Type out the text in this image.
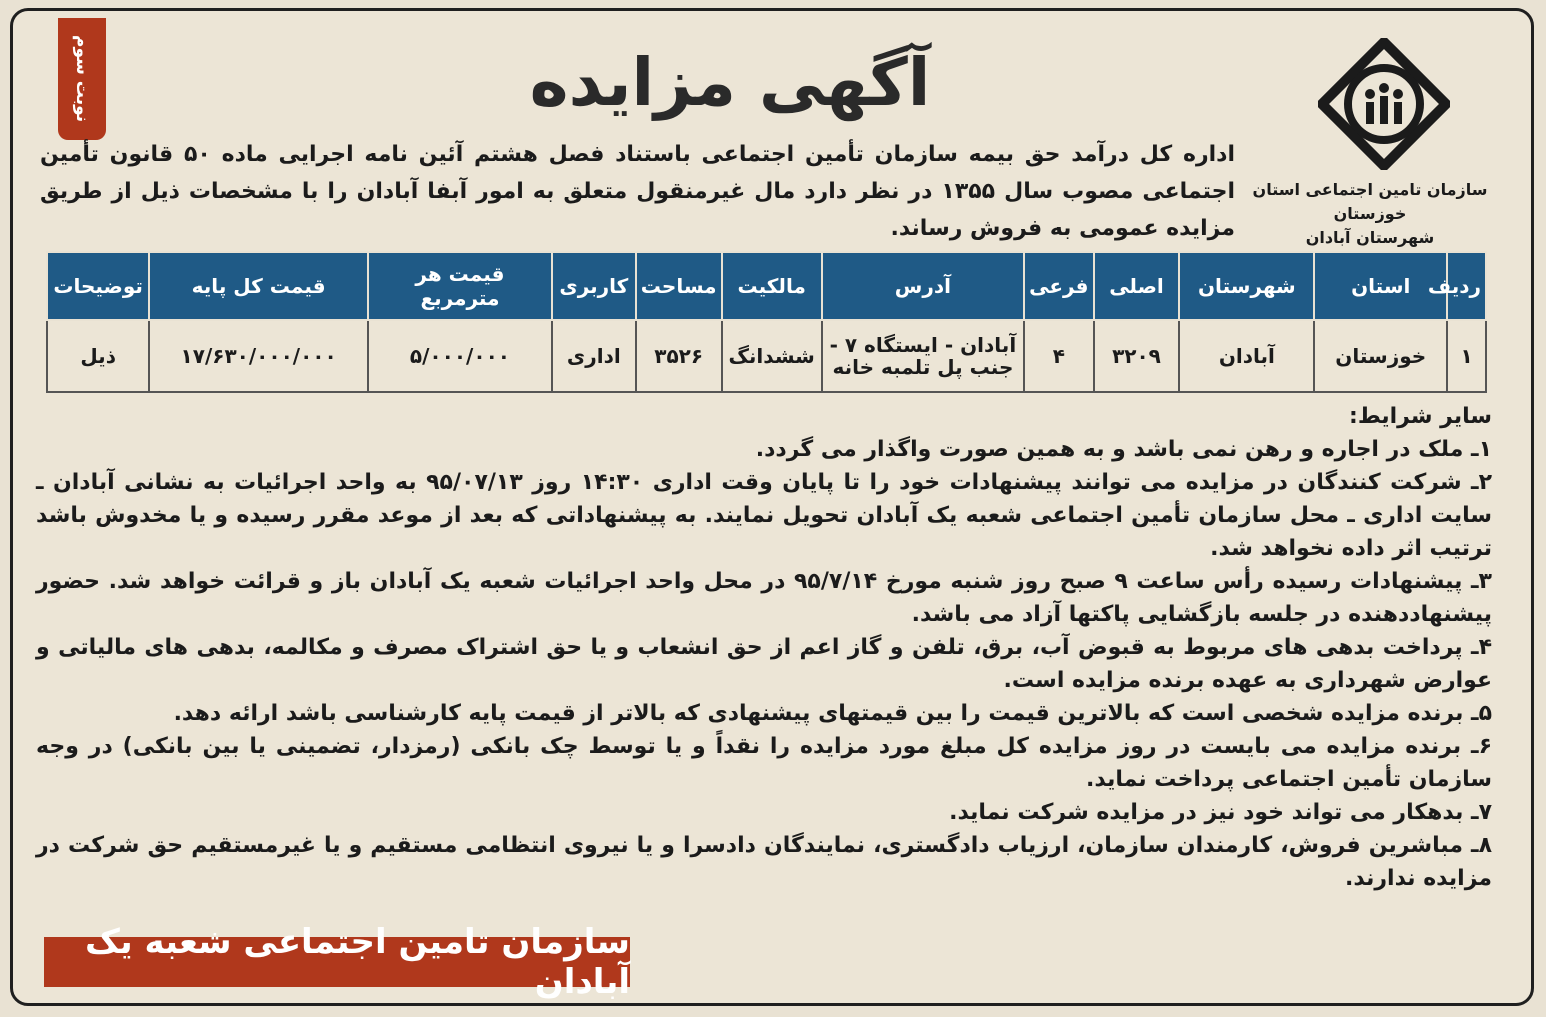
نوبت سوم
سازمان تامین اجتماعی استان خوزستان
شهرستان آبادان
آگهی مزایده
اداره کل درآمد حق بیمه سازمان تأمین اجتماعی باستناد فصل هشتم آئین نامه اجرایی ماده ۵۰ قانون تأمین اجتماعی مصوب سال ۱۳۵۵ در نظر دارد مال غیرمنقول متعلق به امور آبفا آبادان را با مشخصات ذیل از طریق مزایده عمومی به فروش رساند.
ردیف	استان	شهرستان	اصلی	فرعی	آدرس	مالکیت	مساحت	کاربری	قیمت هر مترمربع	قیمت کل پایه	توضیحات
۱	خوزستان	آبادان	۳۲۰۹	۴	آبادان - ایستگاه ۷ - جنب پل تلمبه خانه	ششدانگ	۳۵۲۶	اداری	۵/۰۰۰/۰۰۰	۱۷/۶۳۰/۰۰۰/۰۰۰	ذیل

سایر شرایط:

۱ـ ملک در اجاره و رهن نمی باشد و به همین صورت واگذار می گردد.

۲ـ شرکت کنندگان در مزایده می توانند پیشنهادات خود را تا پایان وقت اداری ۱۴:۳۰ روز ۹۵/۰۷/۱۳ به واحد اجرائیات به نشانی آبادان ـ سایت اداری ـ محل سازمان تأمین اجتماعی شعبه یک آبادان تحویل نمایند. به پیشنهاداتی که بعد از موعد مقرر رسیده و یا مخدوش باشد ترتیب اثر داده نخواهد شد.

۳ـ پیشنهادات رسیده رأس ساعت ۹ صبح روز شنبه مورخ ۹۵/۷/۱۴ در محل واحد اجرائیات شعبه یک آبادان باز و قرائت خواهد شد. حضور پیشنهاددهنده در جلسه بازگشایی پاکتها آزاد می باشد.

۴ـ پرداخت بدهی های مربوط به قبوض آب، برق، تلفن و گاز اعم از حق انشعاب و یا حق اشتراک مصرف و مکالمه، بدهی های مالیاتی و عوارض شهرداری به عهده برنده مزایده است.

۵ـ برنده مزایده شخصی است که بالاترین قیمت را بین قیمتهای پیشنهادی که بالاتر از قیمت پایه کارشناسی باشد ارائه دهد.

۶ـ برنده مزایده می بایست در روز مزایده کل مبلغ مورد مزایده را نقداً و یا توسط چک بانکی (رمزدار، تضمینی یا بین بانکی) در وجه سازمان تأمین اجتماعی پرداخت نماید.

۷ـ بدهکار می تواند خود نیز در مزایده شرکت نماید.

۸ـ مباشرین فروش، کارمندان سازمان، ارزیاب دادگستری، نمایندگان دادسرا و یا نیروی انتظامی مستقیم و یا غیرمستقیم حق شرکت در مزایده ندارند.

سازمان تامین اجتماعی شعبه یک آبادان
